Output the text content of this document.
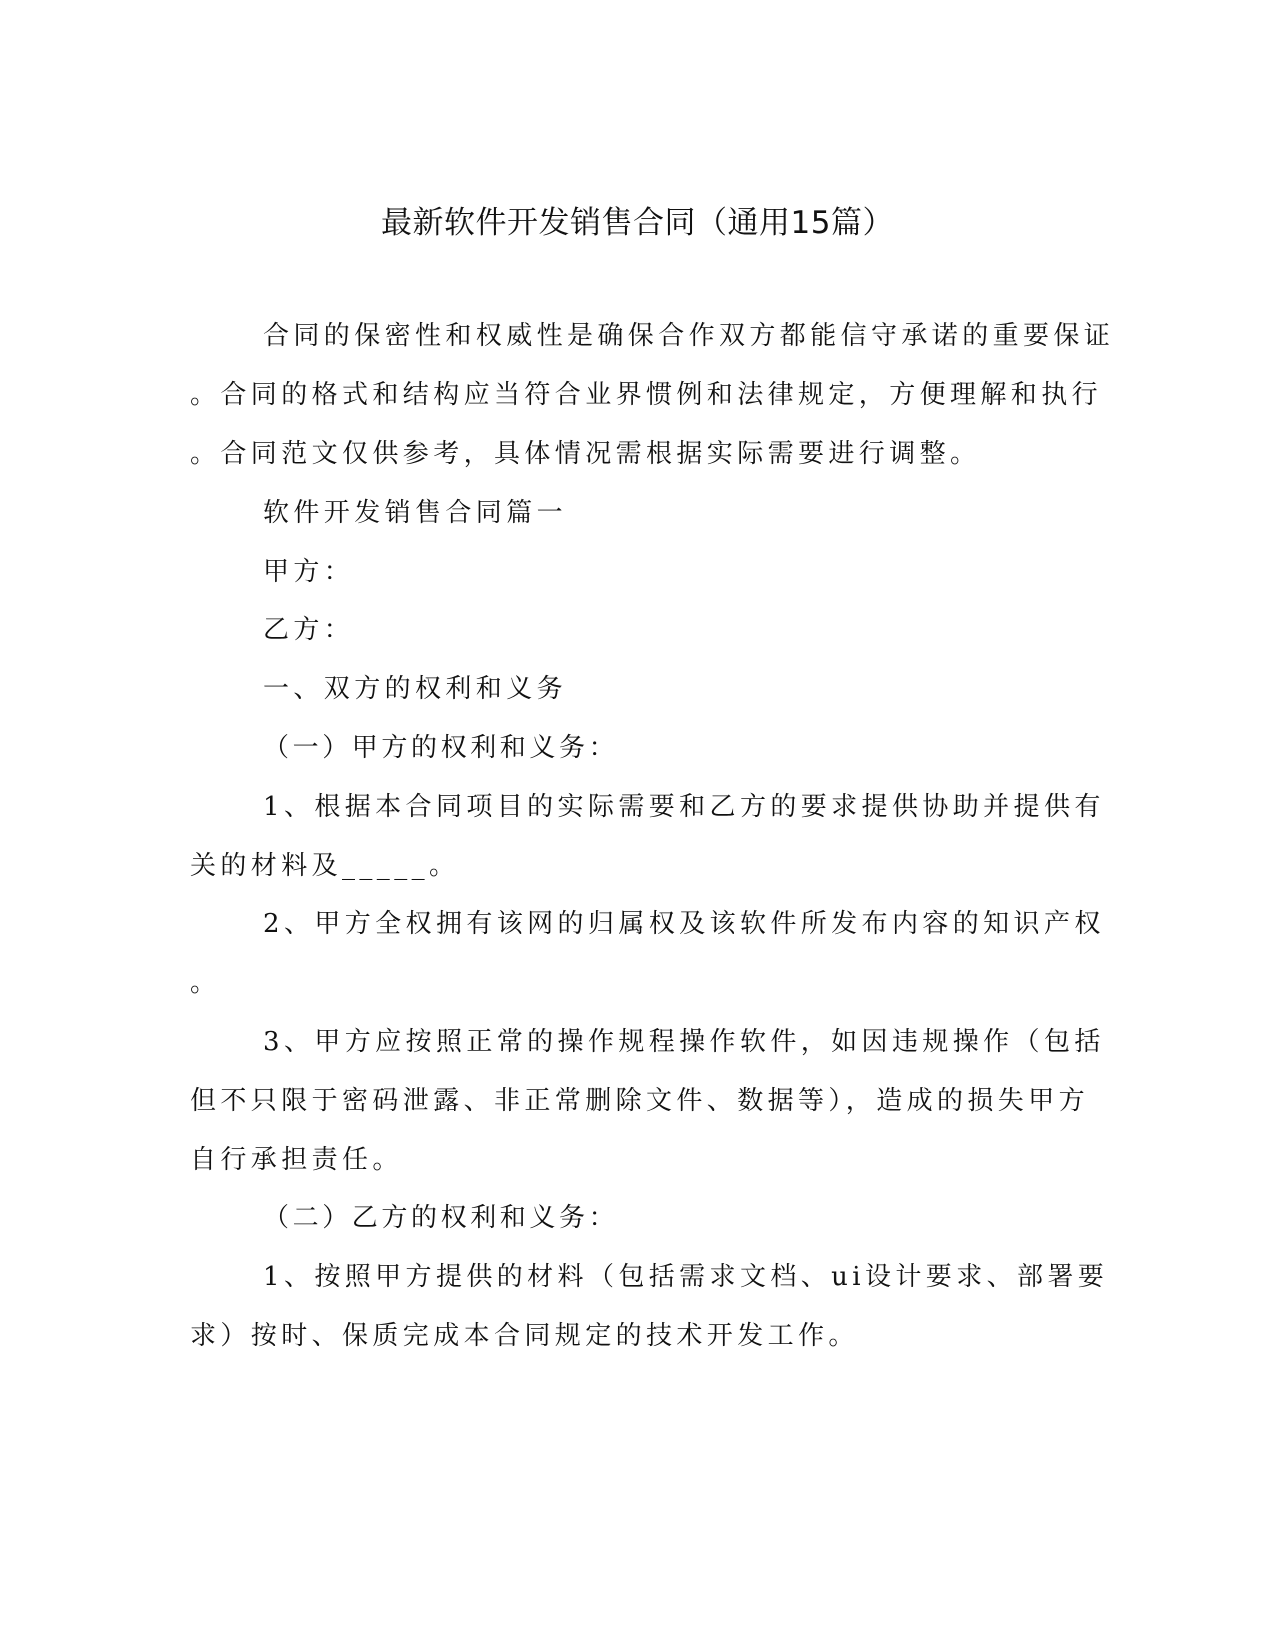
最新软件开发销售合同（通用15篇）
合同的保密性和权威性是确保合作双方都能信守承诺的重要保证
。合同的格式和结构应当符合业界惯例和法律规定，方便理解和执行
。合同范文仅供参考，具体情况需根据实际需要进行调整。
软件开发销售合同篇一
甲方：
乙方：
一、双方的权利和义务
（一）甲方的权利和义务：
1、根据本合同项目的实际需要和乙方的要求提供协助并提供有
关的材料及_____。
2、甲方全权拥有该网的归属权及该软件所发布内容的知识产权
。
3、甲方应按照正常的操作规程操作软件，如因违规操作（包括
但不只限于密码泄露、非正常删除文件、数据等），造成的损失甲方
自行承担责任。
（二）乙方的权利和义务：
1、按照甲方提供的材料（包括需求文档、ui设计要求、部署要
求）按时、保质完成本合同规定的技术开发工作。
